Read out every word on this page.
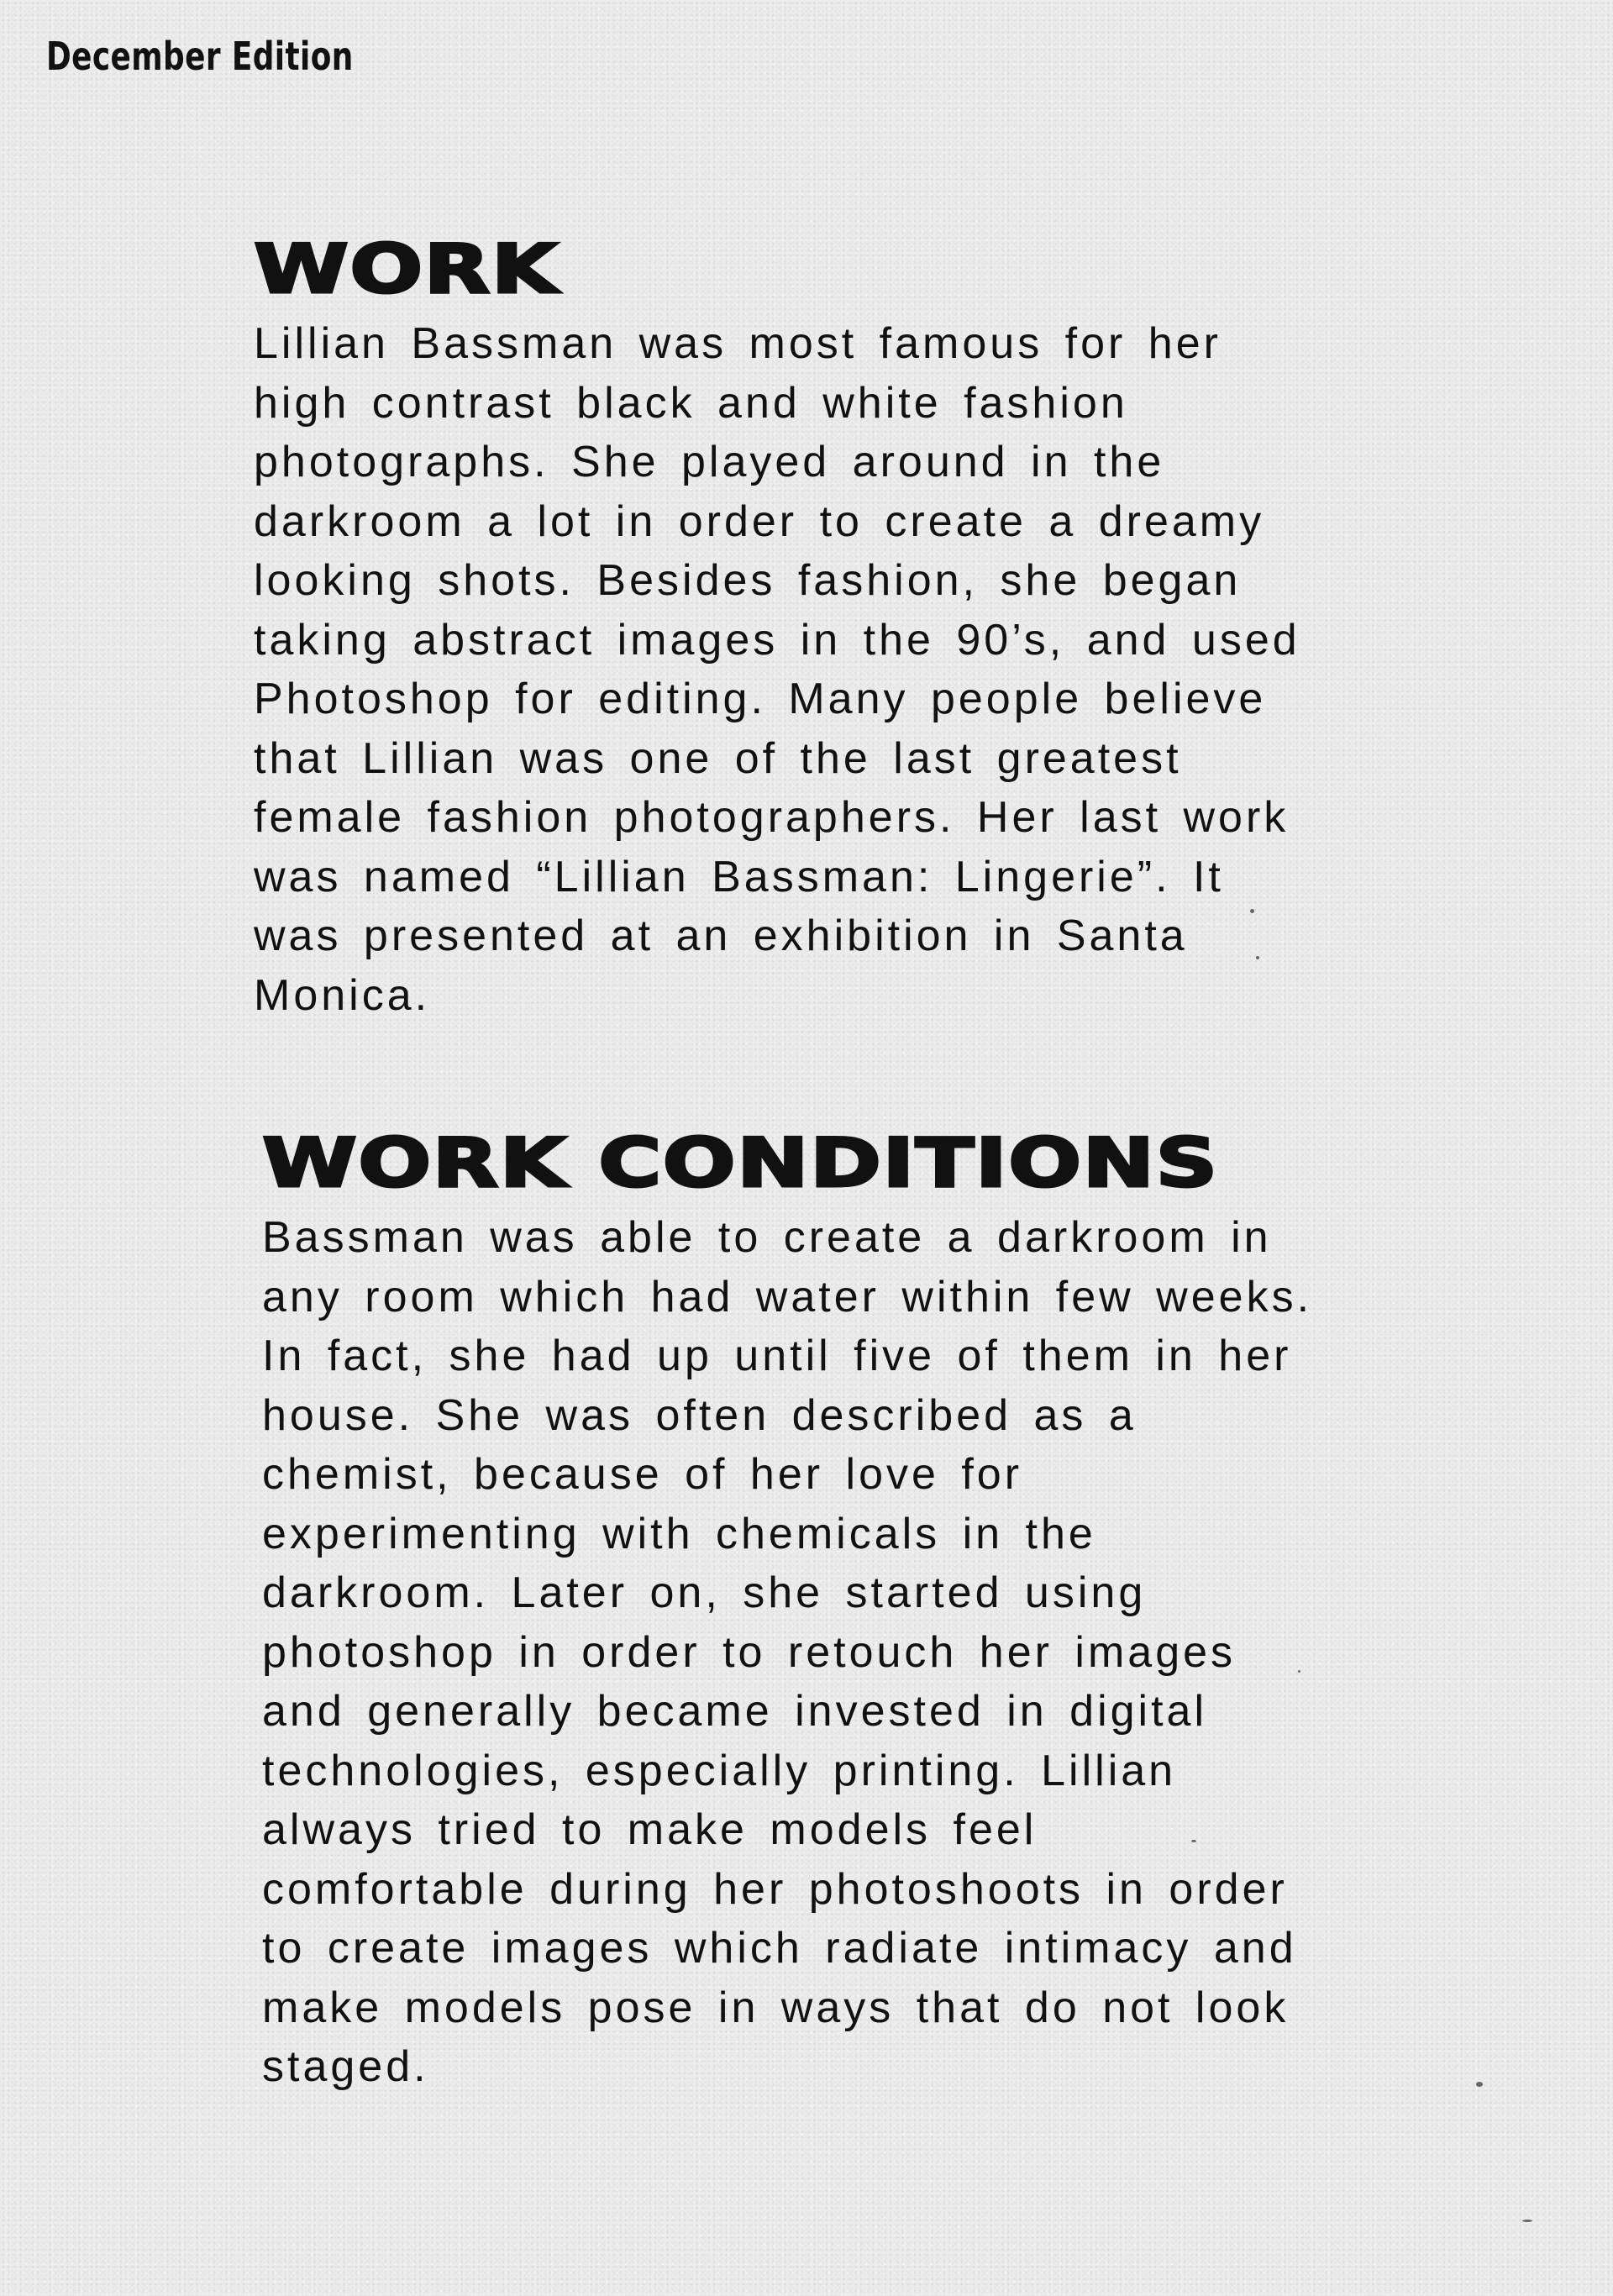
December Edition
WORK
Lillian Bassman was most famous for her
high contrast black and white fashion
photographs. She played around in the
darkroom a lot in order to create a dreamy
looking shots. Besides fashion, she began
taking abstract images in the 90’s, and used
Photoshop for editing. Many people believe
that Lillian was one of the last greatest
female fashion photographers. Her last work
was named “Lillian Bassman: Lingerie”. It
was presented at an exhibition in Santa
Monica.
WORK CONDITIONS
Bassman was able to create a darkroom in
any room which had water within few weeks.
In fact, she had up until five of them in her
house. She was often described as a
chemist, because of her love for
experimenting with chemicals in the
darkroom. Later on, she started using
photoshop in order to retouch her images
and generally became invested in digital
technologies, especially printing. Lillian
always tried to make models feel
comfortable during her photoshoots in order
to create images which radiate intimacy and
make models pose in ways that do not look
staged.
